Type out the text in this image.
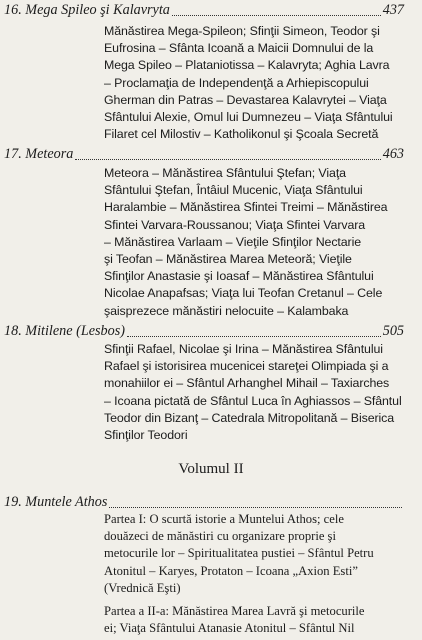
16. Mega Spileo şi Kalavryta	437
Mănăstirea Mega-Spileon; Sfinţii Simeon, Teodor şi
Eufrosina – Sfânta Icoană a Maicii Domnului de la
Mega Spileo – Plataniotissa – Kalavryta; Aghia Lavra
– Proclamaţia de Independenţă a Arhiepiscopului
Gherman din Patras – Devastarea Kalavrytei – Viaţa
Sfântului Alexie, Omul lui Dumnezeu – Viaţa Sfântului
Filaret cel Milostiv – Katholikonul şi Şcoala Secretă
17. Meteora	463
Meteora – Mănăstirea Sfântului Ştefan; Viaţa
Sfântului Ştefan, Întâiul Mucenic, Viaţa Sfântului
Haralambie – Mănăstirea Sfintei Treimi – Mănăstirea
Sfintei Varvara-Roussanou; Viaţa Sfintei Varvara
– Mănăstirea Varlaam – Vieţile Sfinţilor Nectarie
şi Teofan – Mănăstirea Marea Meteoră; Vieţile
Sfinţilor Anastasie şi Ioasaf – Mănăstirea Sfântului
Nicolae Anapafsas; Viaţa lui Teofan Cretanul – Cele
şaisprezece mănăstiri nelocuite – Kalambaka
18. Mitilene (Lesbos)	505
Sfinţii Rafael, Nicolae şi Irina – Mănăstirea Sfântului
Rafael şi istorisirea mucenicei stareţei Olimpiada şi a
monahiilor ei – Sfântul Arhanghel Mihail – Taxiarches
– Icoana pictată de Sfântul Luca în Aghiassos – Sfântul
Teodor din Bizanţ – Catedrala Mitropolitană – Biserica
Sfinţilor Teodori
Volumul II
19. Muntele Athos
Partea I: O scurtă istorie a Muntelui Athos; cele
douăzeci de mănăstiri cu organizare proprie şi
metocurile lor – Spiritualitatea pustiei – Sfântul Petru
Atonitul – Karyes, Protaton – Icoana „Axion Esti”
(Vrednică Eşti)
Partea a II-a: Mănăstirea Marea Lavră şi metocurile
ei; Viaţa Sfântului Atanasie Atonitul – Sfântul Nil
